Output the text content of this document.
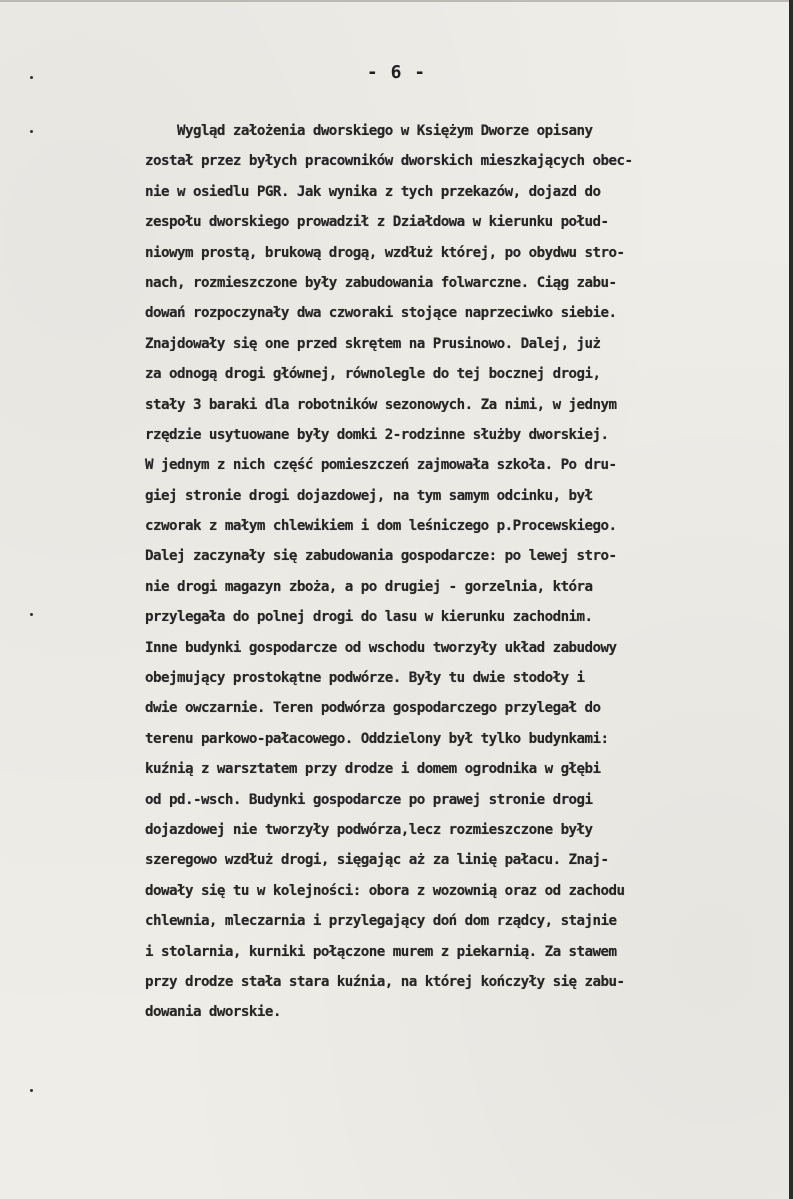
- 6 -
Wygląd założenia dworskiego w Księżym Dworze opisany
został przez byłych pracowników dworskich mieszkających obec-
nie w osiedlu PGR. Jak wynika z tych przekazów, dojazd do
zespołu dworskiego prowadził z Działdowa w kierunku połud-
niowym prostą, brukową drogą, wzdłuż której, po obydwu stro-
nach, rozmieszczone były zabudowania folwarczne. Ciąg zabu-
dowań rozpoczynały dwa czworaki stojące naprzeciwko siebie.
Znajdowały się one przed skrętem na Prusinowo. Dalej, już
za odnogą drogi głównej, równolegle do tej bocznej drogi,
stały 3 baraki dla robotników sezonowych. Za nimi, w jednym
rzędzie usytuowane były domki 2-rodzinne służby dworskiej.
W jednym z nich część pomieszczeń zajmowała szkoła. Po dru-
giej stronie drogi dojazdowej, na tym samym odcinku, był
czworak z małym chlewikiem i dom leśniczego p.Procewskiego.
Dalej zaczynały się zabudowania gospodarcze: po lewej stro-
nie drogi magazyn zboża, a po drugiej - gorzelnia, która
przylegała do polnej drogi do lasu w kierunku zachodnim.
Inne budynki gospodarcze od wschodu tworzyły układ zabudowy
obejmujący prostokątne podwórze. Były tu dwie stodoły i
dwie owczarnie. Teren podwórza gospodarczego przylegał do
terenu parkowo-pałacowego. Oddzielony był tylko budynkami:
kuźnią z warsztatem przy drodze i domem ogrodnika w głębi
od pd.-wsch. Budynki gospodarcze po prawej stronie drogi
dojazdowej nie tworzyły podwórza,lecz rozmieszczone były
szeregowo wzdłuż drogi, sięgając aż za linię pałacu. Znaj-
dowały się tu w kolejności: obora z wozownią oraz od zachodu
chlewnia, mleczarnia i przylegający doń dom rządcy, stajnie
i stolarnia, kurniki połączone murem z piekarnią. Za stawem
przy drodze stała stara kuźnia, na której kończyły się zabu-
dowania dworskie.
